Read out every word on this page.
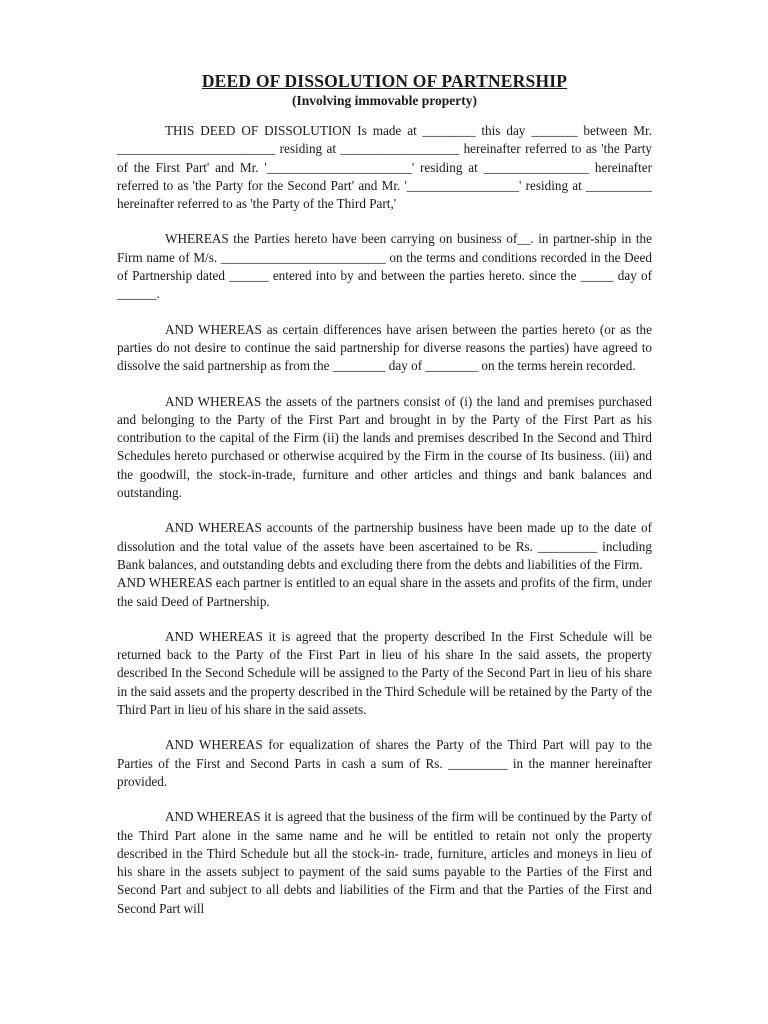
DEED OF DISSOLUTION OF PARTNERSHIP
(Involving immovable property)

THIS DEED OF DISSOLUTION Is made at ________ this day _______ between Mr. ________________________ residing at __________________ hereinafter referred to as 'the Party of the First Part' and Mr. '______________________' residing at ________________ hereinafter referred to as 'the Party for the Second Part' and Mr. '_________________' residing at __________ hereinafter referred to as 'the Party of the Third Part,'

WHEREAS the Parties hereto have been carrying on business of__. in partner-ship in the Firm name of M/s. _________________________ on the terms and conditions recorded in the Deed of Partnership dated ______ entered into by and between the parties hereto. since the _____ day of ______.

AND WHEREAS as certain differences have arisen between the parties hereto (or as the parties do not desire to continue the said partnership for diverse reasons the parties) have agreed to dissolve the said partnership as from the ________ day of ________ on the terms herein recorded.

AND WHEREAS the assets of the partners consist of (i) the land and premises purchased and belonging to the Party of the First Part and brought in by the Party of the First Part as his contribution to the capital of the Firm (ii) the lands and premises described In the Second and Third Schedules hereto purchased or otherwise acquired by the Firm in the course of Its business. (iii) and the goodwill, the stock-in-trade, furniture and other articles and things and bank balances and outstanding.

AND WHEREAS accounts of the partnership business have been made up to the date of dissolution and the total value of the assets have been ascertained to be Rs. _________ including Bank balances, and outstanding debts and excluding there from the debts and liabilities of the Firm.

AND WHEREAS each partner is entitled to an equal share in the assets and profits of the firm, under the said Deed of Partnership.

AND WHEREAS it is agreed that the property described In the First Schedule will be returned back to the Party of the First Part in lieu of his share In the said assets, the property described In the Second Schedule will be assigned to the Party of the Second Part in lieu of his share in the said assets and the property described in the Third Schedule will be retained by the Party of the Third Part in lieu of his share in the said assets.

AND WHEREAS for equalization of shares the Party of the Third Part will pay to the Parties of the First and Second Parts in cash a sum of Rs. _________ in the manner hereinafter provided.

AND WHEREAS it is agreed that the business of the firm will be continued by the Party of the Third Part alone in the same name and he will be entitled to retain not only the property described in the Third Schedule but all the stock-in- trade, furniture, articles and moneys in lieu of his share in the assets subject to payment of the said sums payable to the Parties of the First and Second Part and subject to all debts and liabilities of the Firm and that the Parties of the First and Second Part will
